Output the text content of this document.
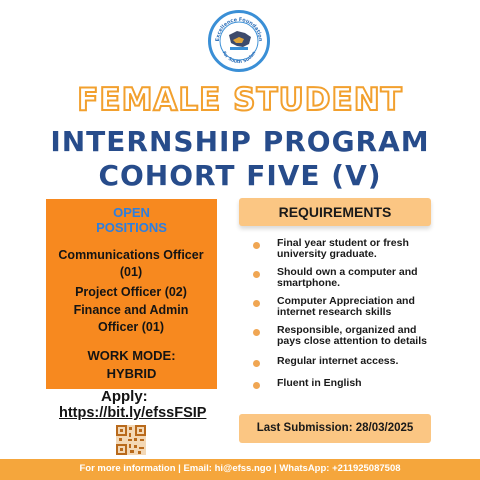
Excellence Foundation
for South Sudan
FEMALE STUDENT
INTERNSHIP PROGRAM
COHORT FIVE (V)
OPEN
POSITIONS
Communications Officer
(01)
Project Officer (02)
Finance and Admin
Officer (01)
WORK MODE:
HYBRID
Apply:
https://bit.ly/efssFSIP
REQUIREMENTS
Final year student or fresh
university graduate.
Should own a computer and
smartphone.
Computer Appreciation and
internet research skills
Responsible, organized and
pays close attention to details
Regular internet access.
Fluent in English
Last Submission: 28/03/2025
For more information | Email: hi@efss.ngo | WhatsApp: +211925087508
